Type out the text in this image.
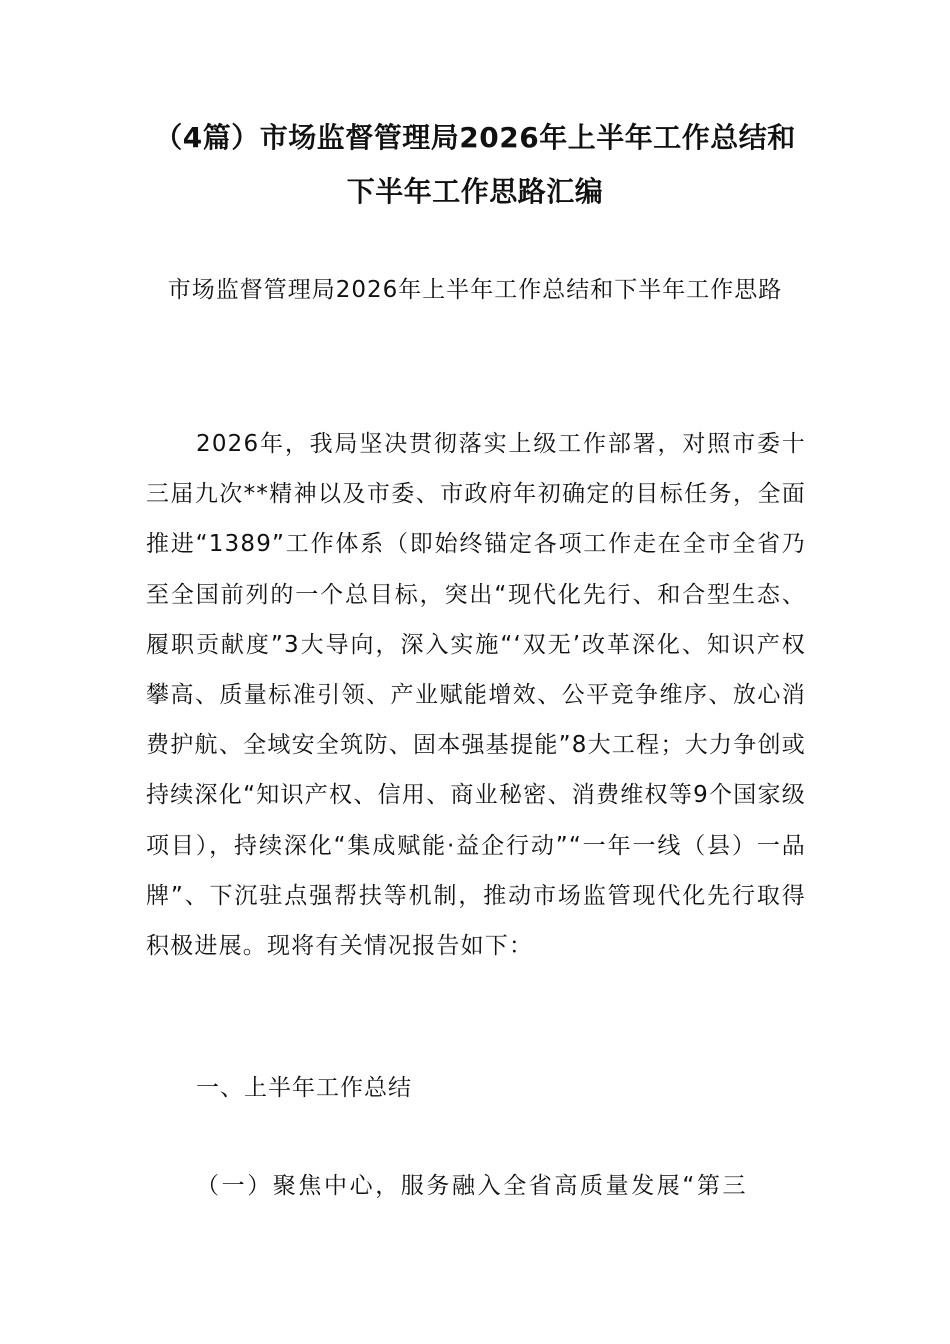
（4篇）市场监督管理局2026年上半年工作总结和
下半年工作思路汇编
市场监督管理局2026年上半年工作总结和下半年工作思路

2026年，我局坚决贯彻落实上级工作部署，对照市委十三届九次**精神以及市委、市政府年初确定的目标任务，全面推进“1389”工作体系（即始终锚定各项工作走在全市全省乃至全国前列的一个总目标，突出“现代化先行、和合型生态、履职贡献度”3大导向，深入实施“‘双无’改革深化、知识产权攀高、质量标准引领、产业赋能增效、公平竞争维序、放心消费护航、全域安全筑防、固本强基提能”8大工程；大力争创或持续深化“知识产权、信用、商业秘密、消费维权等9个国家级项目），持续深化“集成赋能·益企行动”“一年一线（县）一品牌”、下沉驻点强帮扶等机制，推动市场监管现代化先行取得积极进展。现将有关情况报告如下：

一、上半年工作总结
（一）聚焦中心，服务融入全省高质量发展“第三
